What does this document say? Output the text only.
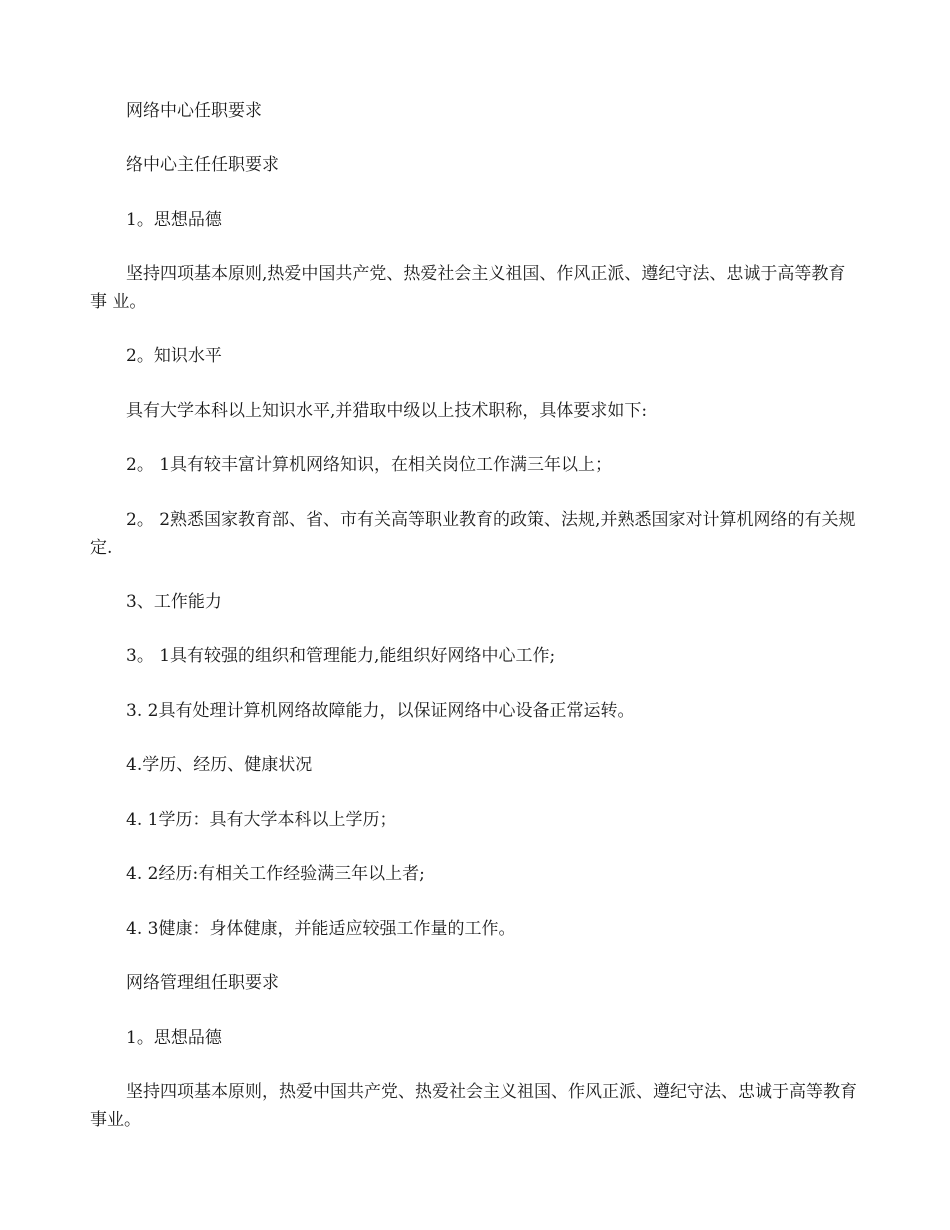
网络中心任职要求

络中心主任任职要求

1。思想品德

坚持四项基本原则,热爱中国共产党、热爱社会主义祖国、作风正派、遵纪守法、忠诚于高等教育事 业。

2。知识水平

具有大学本科以上知识水平,并猎取中级以上技术职称，具体要求如下:

2。 1具有较丰富计算机网络知识，在相关岗位工作满三年以上；

2。 2熟悉国家教育部、省、市有关高等职业教育的政策、法规,并熟悉国家对计算机网络的有关规定.

3、工作能力

3。 1具有较强的组织和管理能力,能组织好网络中心工作;

3. 2具有处理计算机网络故障能力，以保证网络中心设备正常运转。

4.学历、经历、健康状况

4. 1学历：具有大学本科以上学历；

4. 2经历:有相关工作经验满三年以上者;

4. 3健康：身体健康，并能适应较强工作量的工作。

网络管理组任职要求

1。思想品德

坚持四项基本原则，热爱中国共产党、热爱社会主义祖国、作风正派、遵纪守法、忠诚于高等教育事业。
